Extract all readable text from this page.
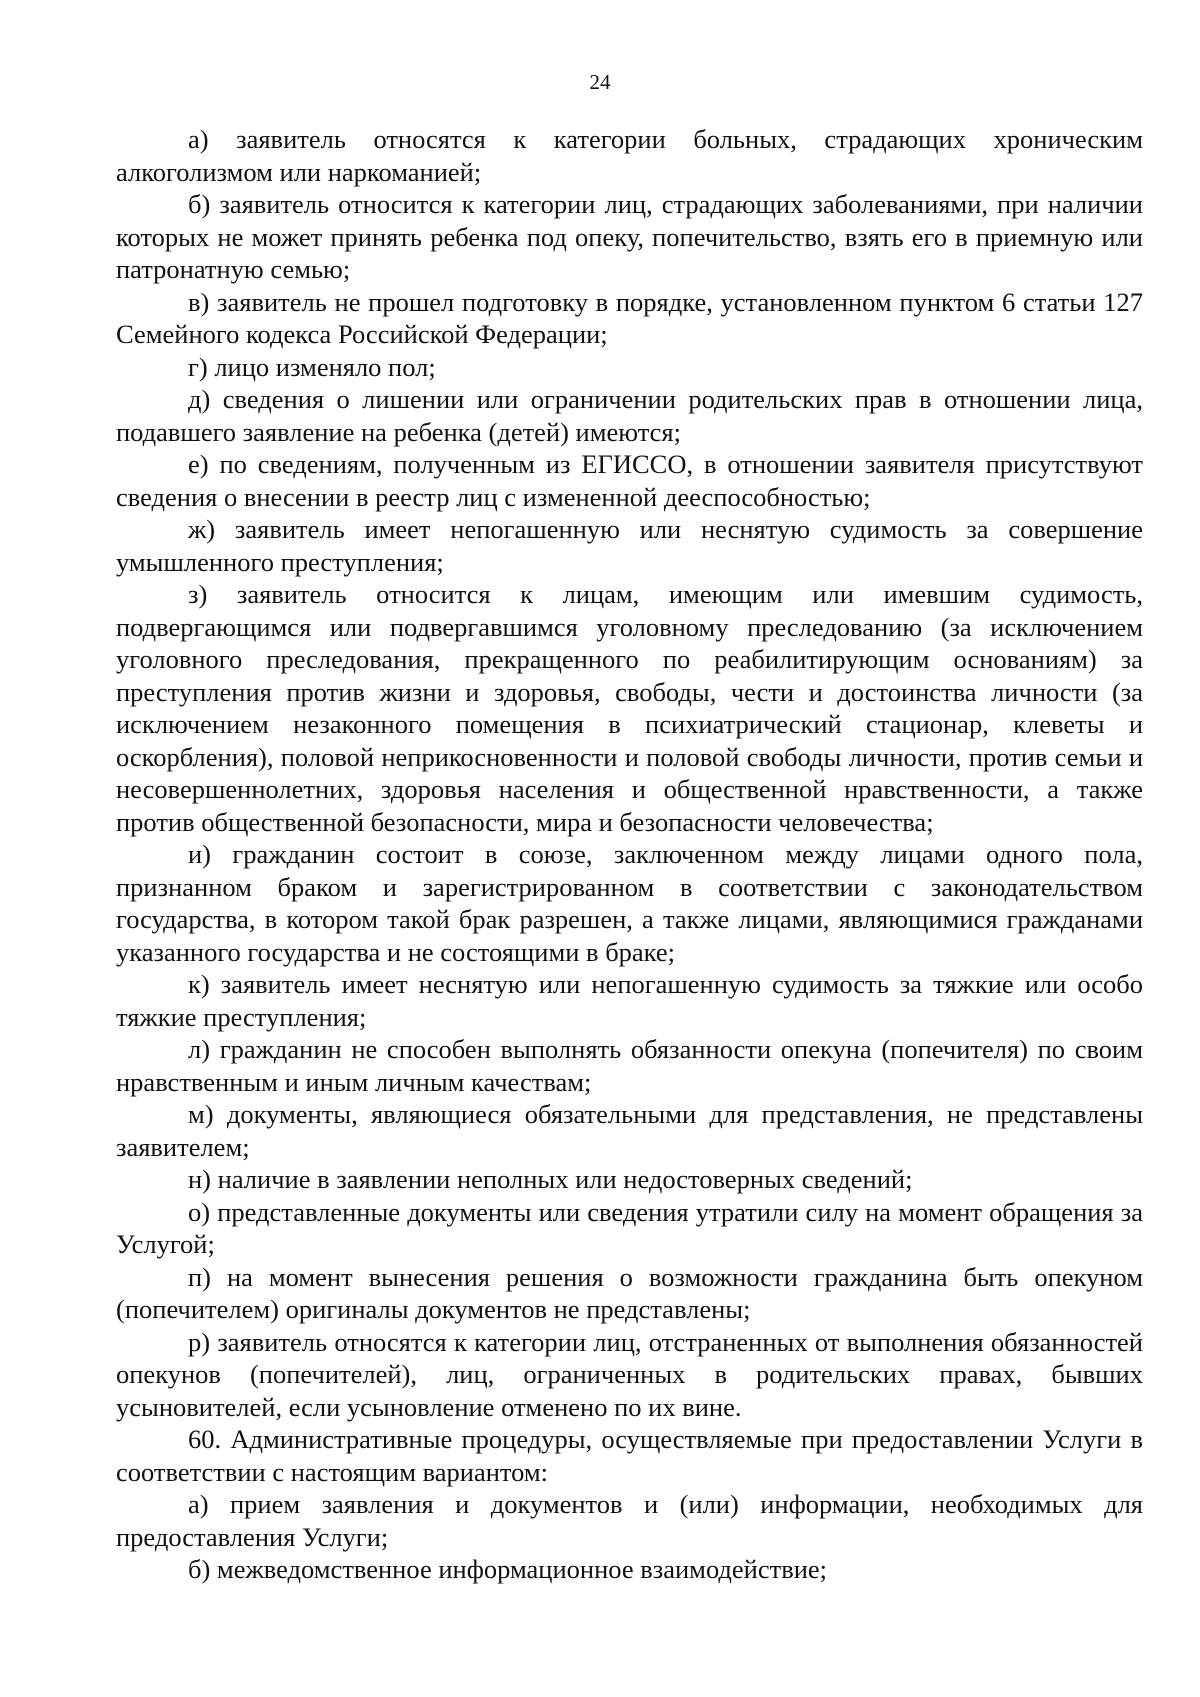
24

а) заявитель относятся к категории больных, страдающих хроническим алкоголизмом или наркоманией;

б) заявитель относится к категории лиц, страдающих заболеваниями, при наличии которых не может принять ребенка под опеку, попечительство, взять его в приемную или патронатную семью;

в) заявитель не прошел подготовку в порядке, установленном пунктом 6 статьи 127 Семейного кодекса Российской Федерации;

г) лицо изменяло пол;

д) сведения о лишении или ограничении родительских прав в отношении лица, подавшего заявление на ребенка (детей) имеются;

е) по сведениям, полученным из ЕГИССО, в отношении заявителя присутствуют сведения о внесении в реестр лиц с измененной дееспособностью;

ж) заявитель имеет непогашенную или неснятую судимость за совершение умышленного преступления;

з) заявитель относится к лицам, имеющим или имевшим судимость, подвергающимся или подвергавшимся уголовному преследованию (за исключением уголовного преследования, прекращенного по реабилитирующим основаниям) за преступления против жизни и здоровья, свободы, чести и достоинства личности (за исключением незаконного помещения в психиатрический стационар, клеветы и оскорбления), половой неприкосновенности и половой свободы личности, против семьи и несовершеннолетних, здоровья населения и общественной нравственности, а также против общественной безопасности, мира и безопасности человечества;

и) гражданин состоит в союзе, заключенном между лицами одного пола, признанном браком и зарегистрированном в соответствии с законодательством государства, в котором такой брак разрешен, а также лицами, являющимися гражданами указанного государства и не состоящими в браке;

к) заявитель имеет неснятую или непогашенную судимость за тяжкие или особо тяжкие преступления;

л) гражданин не способен выполнять обязанности опекуна (попечителя) по своим нравственным и иным личным качествам;

м) документы, являющиеся обязательными для представления, не представлены заявителем;

н) наличие в заявлении неполных или недостоверных сведений;

о) представленные документы или сведения утратили силу на момент обращения за Услугой;

п) на момент вынесения решения о возможности гражданина быть опекуном (попечителем) оригиналы документов не представлены;

р) заявитель относятся к категории лиц, отстраненных от выполнения обязанностей опекунов (попечителей), лиц, ограниченных в родительских правах, бывших усыновителей, если усыновление отменено по их вине.

60. Административные процедуры, осуществляемые при предоставлении Услуги в соответствии с настоящим вариантом:

а) прием заявления и документов и (или) информации, необходимых для предоставления Услуги;

б) межведомственное информационное взаимодействие;
